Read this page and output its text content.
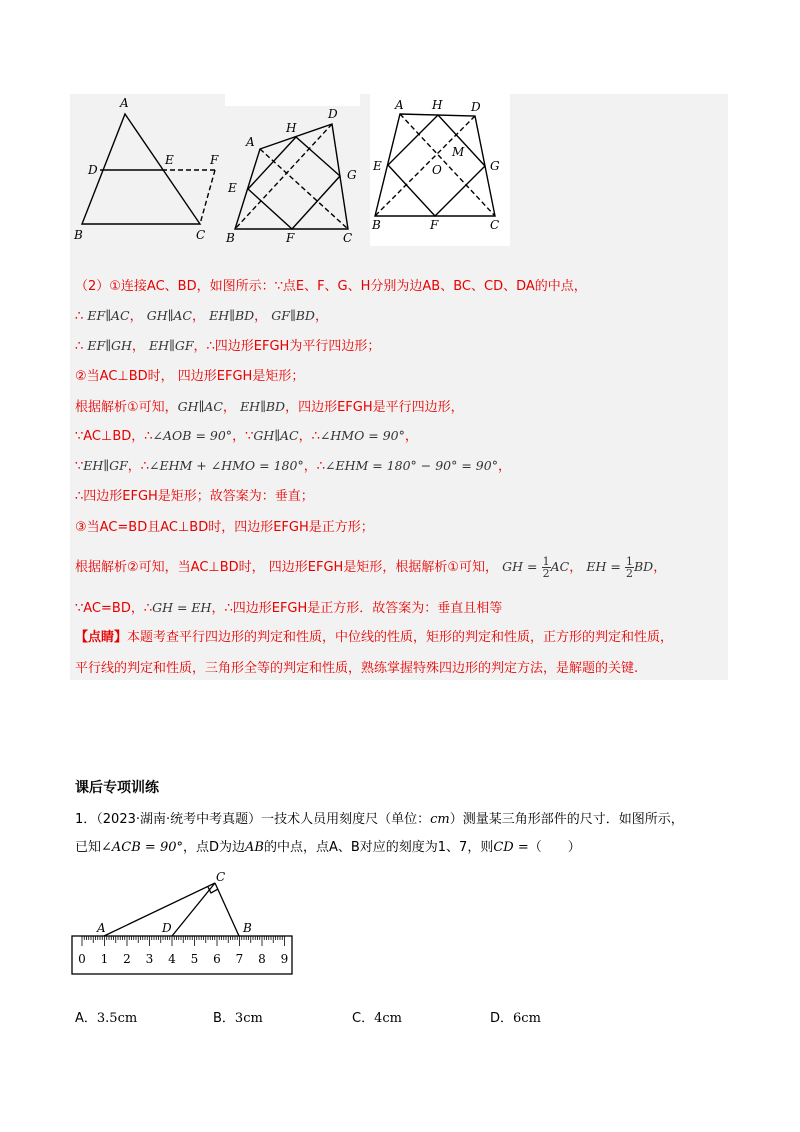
A
D
E	F
B	C
A
H
D
E
G
B	F	C
A H D
M
E	O	G
B	F	C
（2）①连接AC、BD，如图所示：∵点E、F、G、H分别为边AB、BC、CD、DA的中点，
∴ EF∥AC， GH∥AC， EH∥BD， GF∥BD，
∴ EF∥GH， EH∥GF，∴四边形EFGH为平行四边形；
②当AC⊥BD时， 四边形EFGH是矩形；
根据解析①可知，GH∥AC， EH∥BD，四边形EFGH是平行四边形，
∵AC⊥BD，∴∠AOB = 90°，∵GH∥AC，∴∠HMO = 90°，
∵EH∥GF，∴∠EHM + ∠HMO = 180°，∴∠EHM = 180° − 90° = 90°，
∴四边形EFGH是矩形；故答案为：垂直；
③当AC=BD且AC⊥BD时，四边形EFGH是正方形；
根据解析②可知，当AC⊥BD时， 四边形EFGH是矩形，根据解析①可知， GH = $\frac{1}{2}$ AC， EH = $\frac{1}{2}$ BD，
∵AC=BD，∴GH = EH，∴四边形EFGH是正方形．故答案为：垂直且相等
【点睛】本题考查平行四边形的判定和性质，中位线的性质，矩形的判定和性质，正方形的判定和性质，
平行线的判定和性质，三角形全等的判定和性质，熟练掌握特殊四边形的判定方法，是解题的关键.
课后专项训练
1．（2023·湖南·统考中考真题）一技术人员用刻度尺（单位：cm）测量某三角形部件的尺寸．如图所示，
已知∠ACB = 90°，点D为边AB的中点，点A、B对应的刻度为1、7，则CD =（　　）
0 1 2 3 4 5 6 7 8 9
A	D
C
B
A．3.5cm	B．3cm	C．4cm	D．6cm
